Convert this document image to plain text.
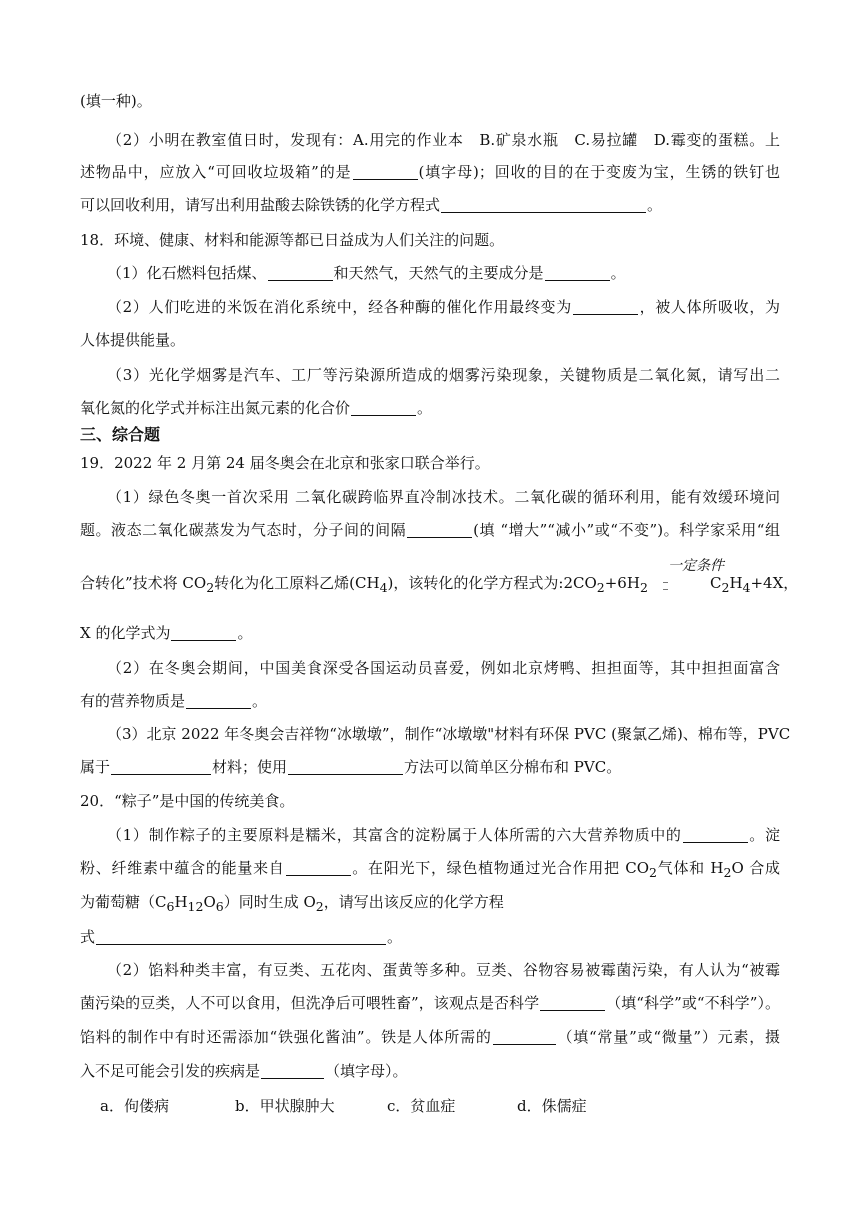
(填一种)。
（2）小明在教室值日时，发现有：A.用完的作业本　B.矿泉水瓶　C.易拉罐　D.霉变的蛋糕。上
述物品中，应放入“可回收垃圾箱”的是	(填字母)；回收的目的在于变废为宝，生锈的铁钉也
可以回收利用，请写出利用盐酸去除铁锈的化学方程式	。
18．环境、健康、材料和能源等都已日益成为人们关注的问题。
（1）化石燃料包括煤、	和天然气，天然气的主要成分是	。
（2）人们吃进的米饭在消化系统中，经各种酶的催化作用最终变为	，被人体所吸收，为
人体提供能量。
（3）光化学烟雾是汽车、工厂等污染源所造成的烟雾污染现象，关键物质是二氧化氮，请写出二
氧化氮的化学式并标注出氮元素的化合价	。
三、综合题
19．2022 年 2 月第 24 届冬奥会在北京和张家口联合举行。
（1）绿色冬奥一首次采用 二氧化碳跨临界直冷制冰技术。二氧化碳的循环利用，能有效缓环境问
题。液态二氧化碳蒸发为气态时，分子间的间隔	(填 “增大”“减小”或“不变”)。科学家采用“组
一定条件
合转化”技术将 $CO_2$转化为化工原料乙烯$(CH_4)$，该转化的化学方程式为$:2CO_2+6H_2$	$C_2H_4+4X$，
X 的化学式为	。
（2）在冬奥会期间，中国美食深受各国运动员喜爱，例如北京烤鸭、担担面等，其中担担面富含
有的营养物质是	。
（3）北京 2022 年冬奥会吉祥物“冰墩墩”，制作“冰墩墩"材料有环保 PVC (聚氯乙烯)、棉布等，PVC
属于	材料；使用	方法可以简单区分棉布和 PVC。
20．“粽子”是中国的传统美食。
（1）制作粽子的主要原料是糯米，其富含的淀粉属于人体所需的六大营养物质中的	。淀
粉、纤维素中蕴含的能量来自	。在阳光下，绿色植物通过光合作用把 $CO_2$气体和 $H_2O$ 合成
为葡萄糖$(C_6H_{12}O_6)$同时生成 $O_2$，请写出该反应的化学方程
式	。
（2）馅料种类丰富，有豆类、五花肉、蛋黄等多种。豆类、谷物容易被霉菌污染，有人认为“被霉
菌污染的豆类，人不可以食用，但洗净后可喂牲畜”，该观点是否科学	（填“科学”或“不科学”）。
馅料的制作中有时还需添加“铁强化酱油”。铁是人体所需的	（填“常量”或“微量”）元素，摄
入不足可能会引发的疾病是	（填字母）。
a．佝偻病	b．甲状腺肿大	c．贫血症	d．侏儒症
